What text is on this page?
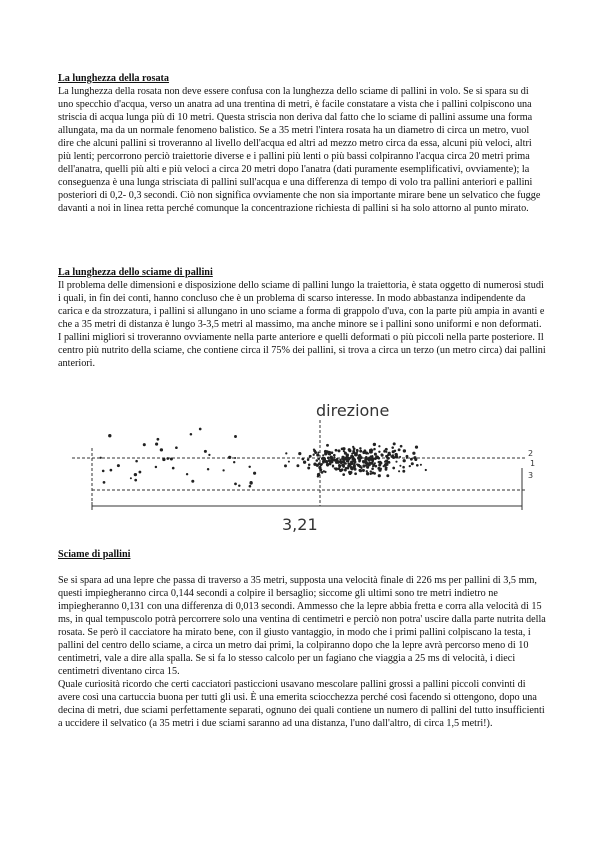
La lunghezza della rosata
La lunghezza della rosata non deve essere confusa con la lunghezza dello sciame di pallini in volo. Se si spara su di uno specchio d'acqua, verso un anatra ad una trentina di metri, è facile constatare a vista che i pallini colpiscono una striscia di acqua lunga più di 10 metri. Questa striscia non deriva dal fatto che lo sciame di pallini assume una forma allungata, ma da un normale fenomeno balistico. Se a 35 metri l'intera rosata ha un diametro di circa un metro, vuol dire che alcuni pallini si troveranno al livello dell'acqua ed altri ad mezzo metro circa da essa, alcuni più veloci, altri più lenti; percorrono perciò traiettorie diverse e i pallini più lenti o più bassi colpiranno l'acqua circa 20 metri prima dell'anatra, quelli più alti e più veloci a circa 20 metri dopo l'anatra (dati puramente esemplificativi, ovviamente); la conseguenza è una lunga strisciata di pallini sull'acqua e una differenza di tempo di volo tra pallini anteriori e pallini posteriori di 0,2- 0,3 secondi. Ciò non significa ovviamente che non sia importante mirare bene un selvatico che fugge davanti a noi in linea retta perché comunque la concentrazione richiesta di pallini si ha solo attorno al punto mirato.
La lunghezza dello sciame di pallini
Il problema delle dimensioni e disposizione dello sciame di pallini lungo la traiettoria, è stata oggetto di numerosi studi i quali, in fin dei conti, hanno concluso che è un problema di scarso interesse. In modo abbastanza indipendente da carica e da strozzatura, i pallini si allungano in uno sciame a forma di grappolo d'uva, con la parte più ampia in avanti e che a 35 metri di distanza è lungo 3-3,5 metri al massimo, ma anche minore se i pallini sono uniformi e non deformati. I pallini migliori si troveranno ovviamente nella parte anteriore e quelli deformati o più piccoli nella parte posteriore. Il centro più nutrito della sciame, che contiene circa il 75% dei pallini, si trova a circa un terzo (un metro circa) dai pallini anteriori.
direzione
3,21
2
1
3
Sciame di pallini
Se si spara ad una lepre che passa di traverso a 35 metri, supposta una velocità finale di 226 ms per pallini di 3,5 mm, questi impiegheranno circa 0,144 secondi a colpire il bersaglio; siccome gli ultimi sono tre metri indietro ne impiegheranno 0,131 con una differenza di 0,013 secondi. Ammesso che la lepre abbia fretta e corra alla velocità di 15 ms, in qual tempuscolo potrà percorrere solo una ventina di centimetri e perciò non potra' uscire dalla parte nutrita della rosata. Se però il cacciatore ha mirato bene, con il giusto vantaggio, in modo che i primi pallini colpiscano la testa, i pallini del centro dello sciame, a circa un metro dai primi, la colpiranno dopo che la lepre avrà percorso meno di 10 centimetri, vale a dire alla spalla. Se si fa lo stesso calcolo per un fagiano che viaggia a 25 ms di velocità, i dieci centimetri diventano circa 15.
Quale curiosità ricordo che certi cacciatori pasticcioni usavano mescolare pallini grossi a pallini piccoli convinti di avere così una cartuccia buona per tutti gli usi. È una emerita sciocchezza perché così facendo si ottengono, dopo una decina di metri, due sciami perfettamente separati, ognuno dei quali contiene un numero di pallini del tutto insufficienti a uccidere il selvatico (a 35 metri i due sciami saranno ad una distanza, l'uno dall'altro, di circa 1,5 metri!).
